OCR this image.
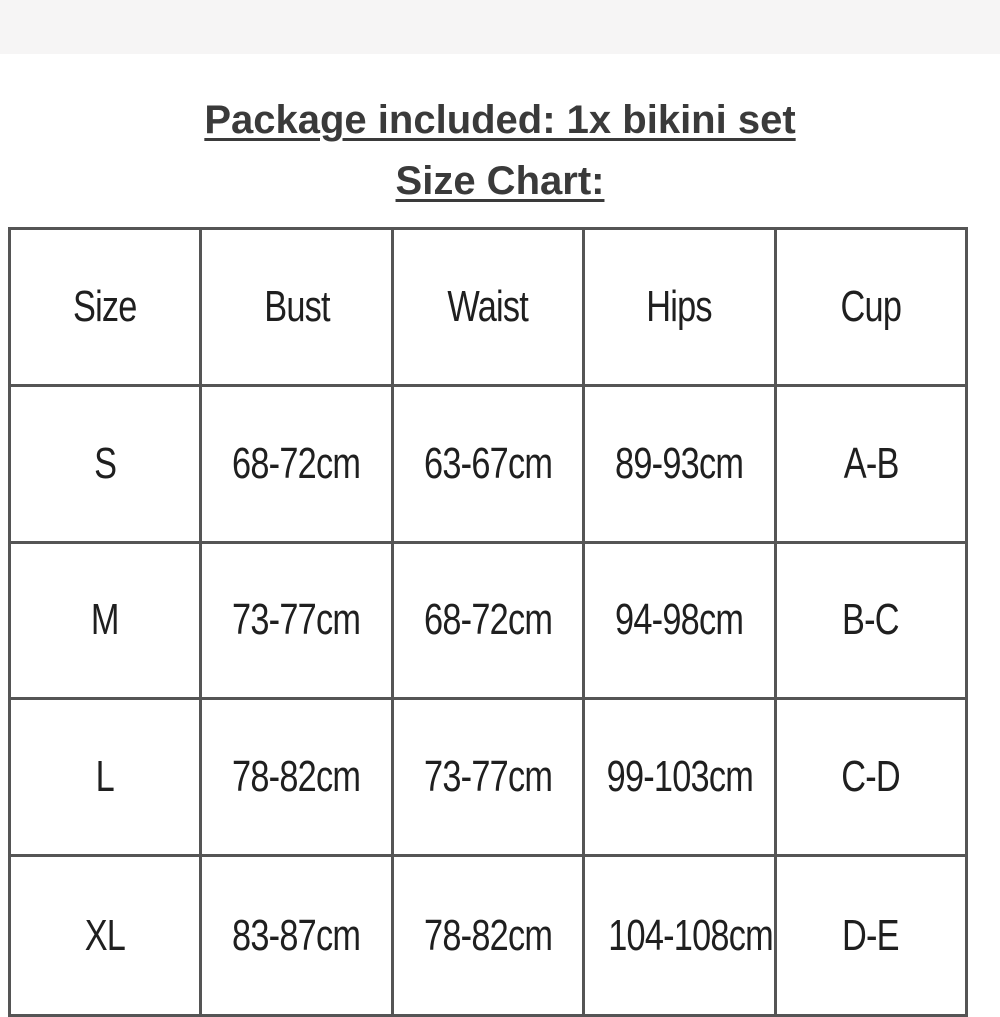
Package included: 1x bikini set
Size Chart:
Size	Bust	Waist	Hips	Cup
S	68-72cm	63-67cm	89-93cm	A-B
M	73-77cm	68-72cm	94-98cm	B-C
L	78-82cm	73-77cm	99-103cm	C-D
XL	83-87cm	78-82cm	104-108cm	D-E
